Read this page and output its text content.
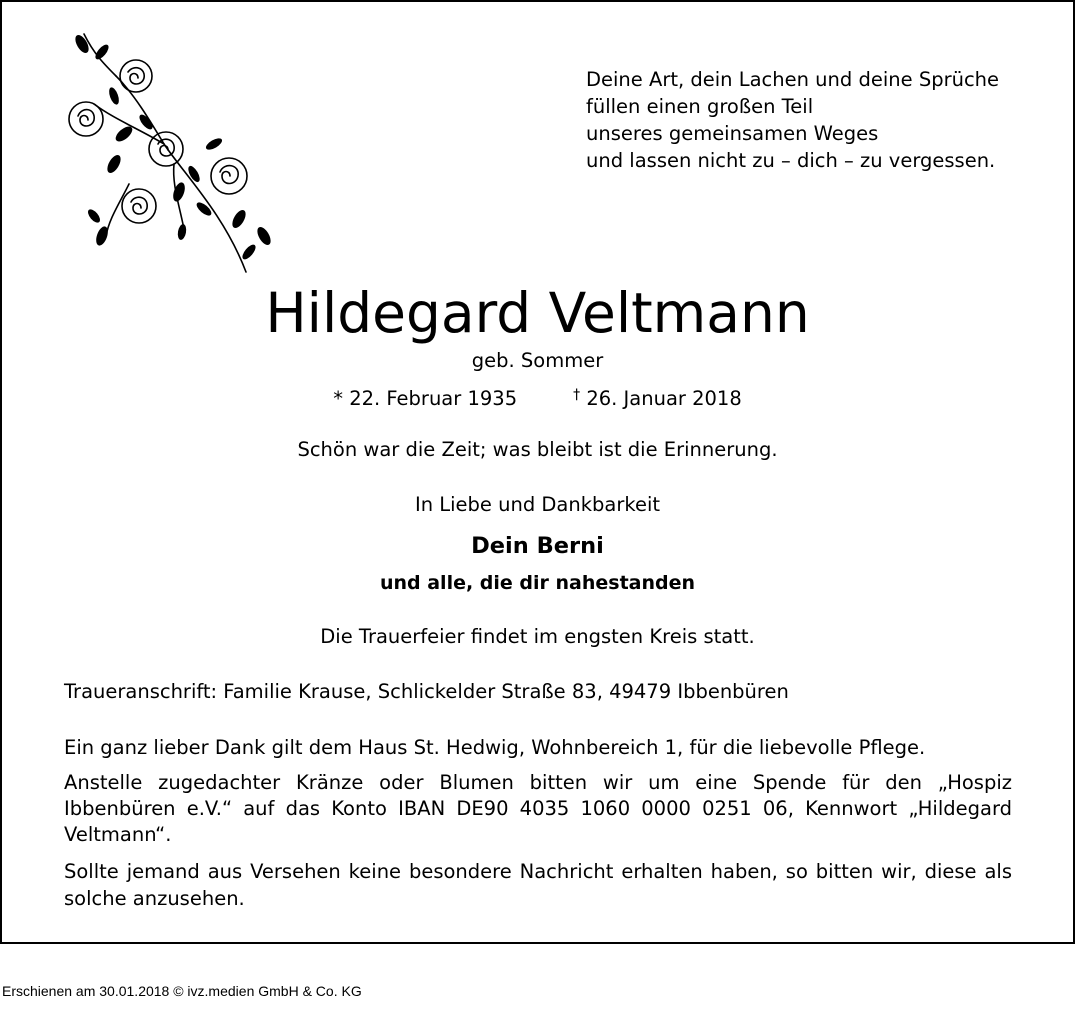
Deine Art, dein Lachen und deine Sprüche
füllen einen großen Teil
unseres gemeinsamen Weges
und lassen nicht zu – dich – zu vergessen.
Hildegard Veltmann
geb. Sommer
* 22. Februar 1935	† 26. Januar 2018
Schön war die Zeit; was bleibt ist die Erinnerung.
In Liebe und Dankbarkeit
Dein Berni
und alle, die dir nahestanden
Die Trauerfeier findet im engsten Kreis statt.
Traueranschrift: Familie Krause, Schlickelder Straße 83, 49479 Ibbenbüren
Ein ganz lieber Dank gilt dem Haus St. Hedwig, Wohnbereich 1, für die liebevolle Pflege.
Anstelle zugedachter Kränze oder Blumen bitten wir um eine Spende für den „Hospiz Ibbenbüren e.V.“ auf das Konto IBAN DE90 4035 1060 0000 0251 06, Kennwort „Hildegard
Veltmann“.
Sollte jemand aus Versehen keine besondere Nachricht erhalten haben, so bitten wir, diese als
solche anzusehen.
Erschienen am 30.01.2018 © ivz.medien GmbH & Co. KG
